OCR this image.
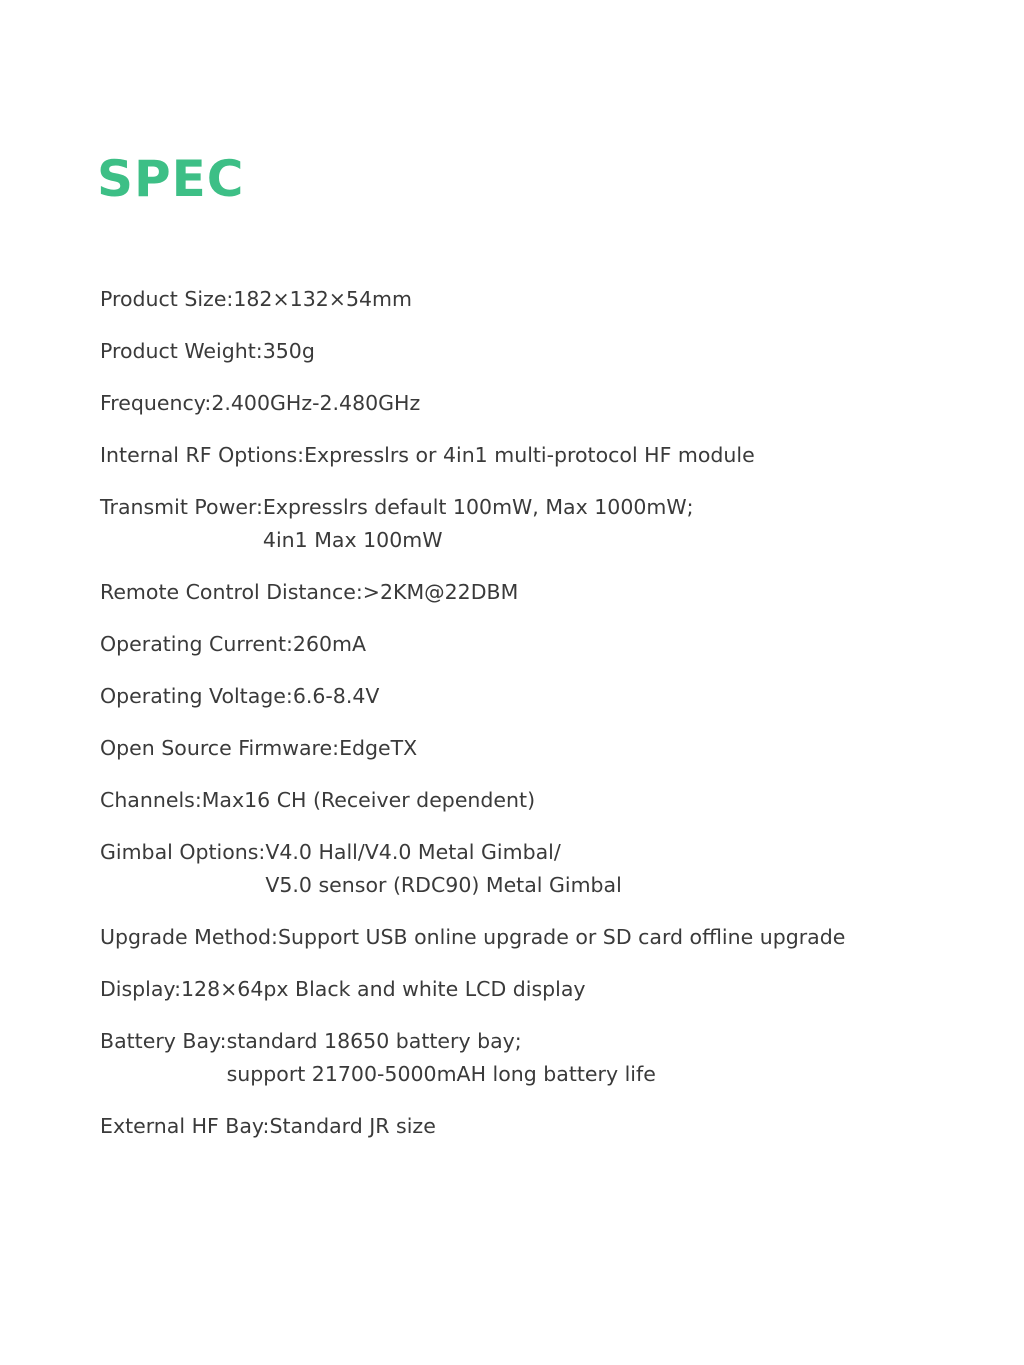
SPEC
Product Size: 182×132×54mm
Product Weight: 350g
Frequency: 2.400GHz-2.480GHz
Internal RF Options: Expresslrs or 4in1 multi-protocol HF module
Transmit Power: Expresslrs default 100mW, Max 1000mW;
4in1 Max 100mW
Remote Control Distance: >2KM@22DBM
Operating Current: 260mA
Operating Voltage: 6.6-8.4V
Open Source Firmware: EdgeTX
Channels: Max16 CH (Receiver dependent)
Gimbal Options: V4.0 Hall/V4.0 Metal Gimbal/
V5.0 sensor (RDC90) Metal Gimbal
Upgrade Method: Support USB online upgrade or SD card offline upgrade
Display: 128×64px Black and white LCD display
Battery Bay: standard 18650 battery bay;
support 21700-5000mAH long battery life
External HF Bay: Standard JR size
